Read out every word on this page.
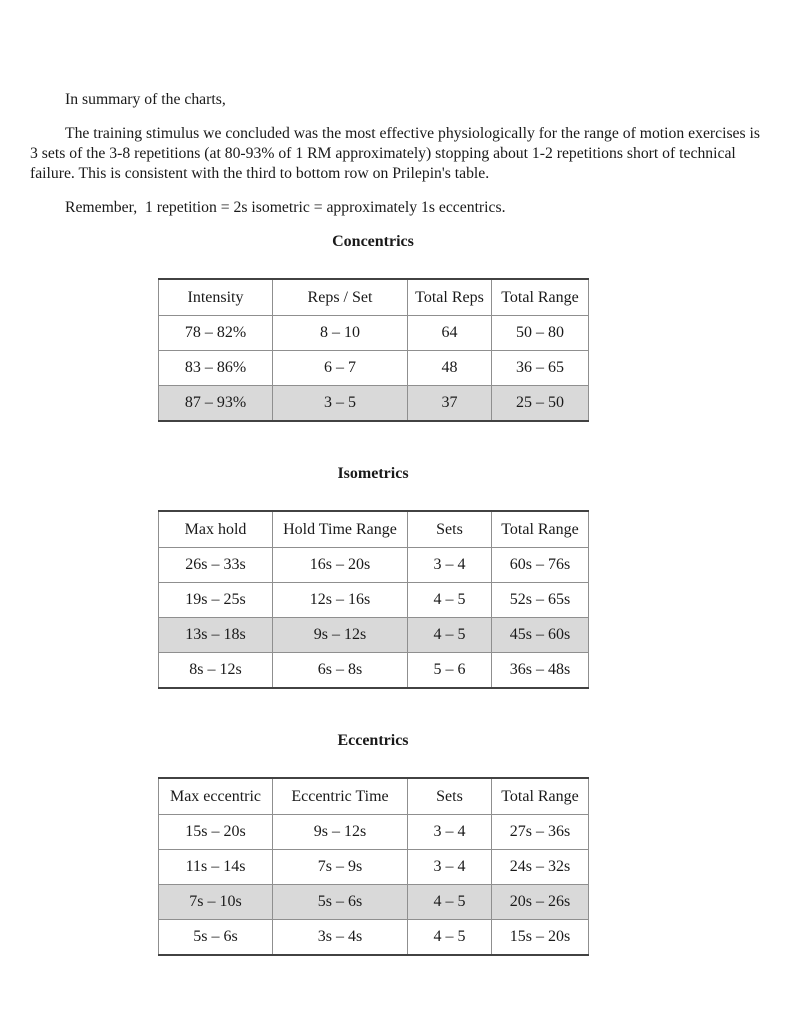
In summary of the charts,

The training stimulus we concluded was the most effective physiologically for the range of motion exercises is 3 sets of the 3-8 repetitions (at 80-93% of 1 RM approximately) stopping about 1-2 repetitions short of technical failure. This is consistent with the third to bottom row on Prilepin's table.

Remember,  1 repetition = 2s isometric = approximately 1s eccentrics.

Concentrics
Intensity	Reps / Set	Total Reps	Total Range
78 – 82%	8 – 10	64	50 – 80
83 – 86%	6 – 7	48	36 – 65
87 – 93%	3 – 5	37	25 – 50
Isometrics
Max hold	Hold Time Range	Sets	Total Range
26s – 33s	16s – 20s	3 – 4	60s – 76s
19s – 25s	12s – 16s	4 – 5	52s – 65s
13s – 18s	9s – 12s	4 – 5	45s – 60s
8s – 12s	6s – 8s	5 – 6	36s – 48s
Eccentrics
Max eccentric	Eccentric Time	Sets	Total Range
15s – 20s	9s – 12s	3 – 4	27s – 36s
11s – 14s	7s – 9s	3 – 4	24s – 32s
7s – 10s	5s – 6s	4 – 5	20s – 26s
5s – 6s	3s – 4s	4 – 5	15s – 20s
